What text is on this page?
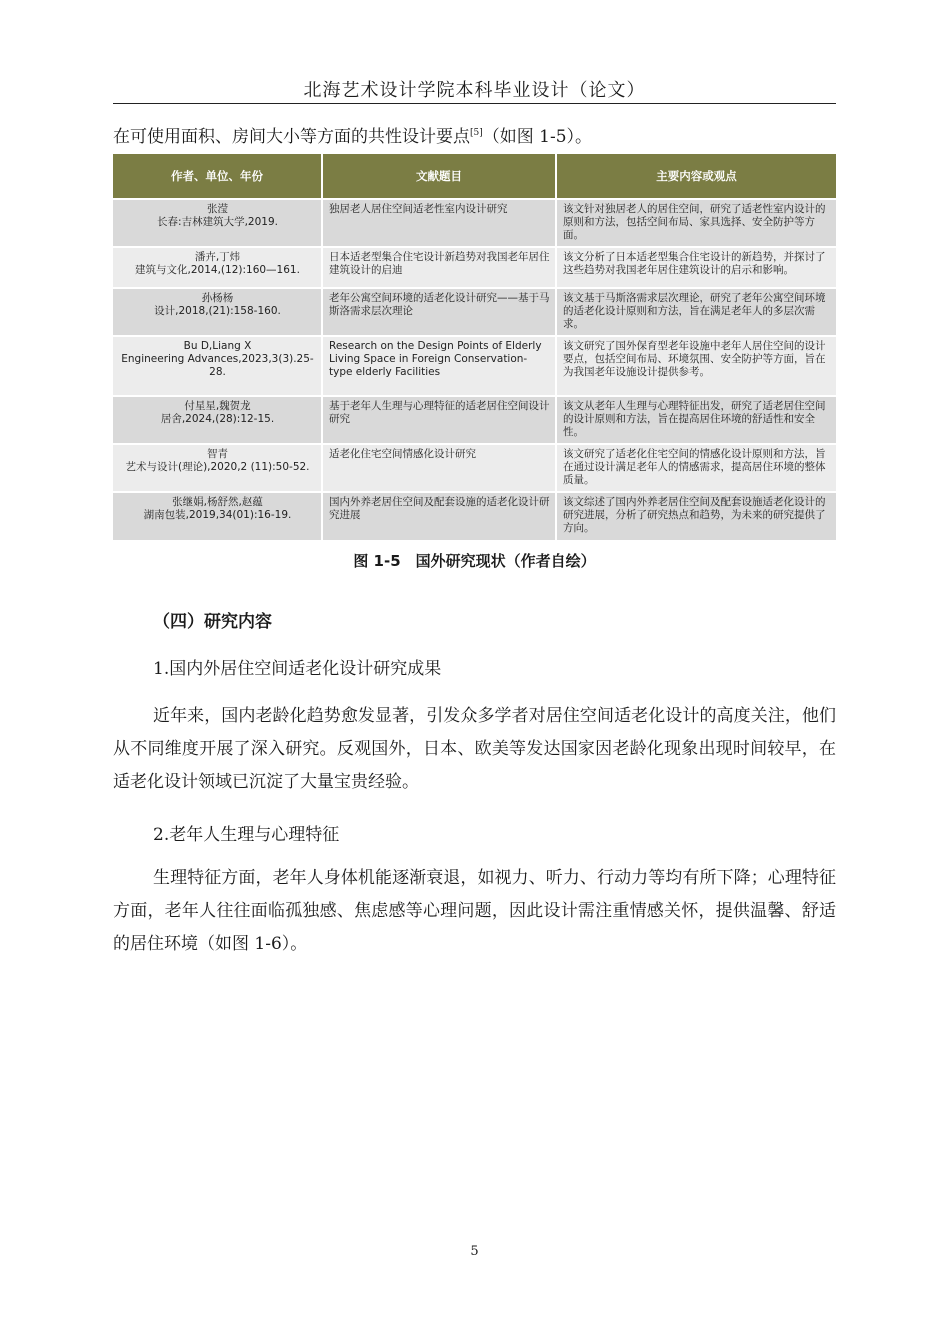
北海艺术设计学院本科毕业设计（论文）
在可使用面积、房间大小等方面的共性设计要点[5]（如图 1-5）。
作者、单位、年份	文献题目	主要内容或观点

张滢
长春:吉林建筑大学,2019.	独居老人居住空间适老性室内设计研究	该文针对独居老人的居住空间，研究了适老性室内设计的原则和方法，包括空间布局、家具选择、安全防护等方面。

潘卉,丁炜
建筑与文化,2014,(12):160—161.	日本适老型集合住宅设计新趋势对我国老年居住建筑设计的启迪	该文分析了日本适老型集合住宅设计的新趋势，并探讨了这些趋势对我国老年居住建筑设计的启示和影响。

孙杨杨
设计,2018,(21):158-160.	老年公寓空间环境的适老化设计研究——基于马斯洛需求层次理论	该文基于马斯洛需求层次理论，研究了老年公寓空间环境的适老化设计原则和方法，旨在满足老年人的多层次需求。

Bu D,Liang X
Engineering Advances,2023,3(3).25-28.	Research on the Design Points of Elderly Living Space in Foreign Conservation-type elderly Facilities	该文研究了国外保育型老年设施中老年人居住空间的设计要点，包括空间布局、环境氛围、安全防护等方面，旨在为我国老年设施设计提供参考。

付星星,魏贺龙
居舍,2024,(28):12-15.	基于老年人生理与心理特征的适老居住空间设计研究	该文从老年人生理与心理特征出发，研究了适老居住空间的设计原则和方法，旨在提高居住环境的舒适性和安全性。

智青
艺术与设计(理论),2020,2 (11):50-52.	适老化住宅空间情感化设计研究	该文研究了适老化住宅空间的情感化设计原则和方法，旨在通过设计满足老年人的情感需求，提高居住环境的整体质量。

张继娟,杨舒然,赵蕴
湖南包装,2019,34(01):16-19.	国内外养老居住空间及配套设施的适老化设计研究进展	该文综述了国内外养老居住空间及配套设施适老化设计的研究进展，分析了研究热点和趋势，为未来的研究提供了方向。
图 1-5　国外研究现状（作者自绘）
（四）研究内容
1.国内外居住空间适老化设计研究成果
近年来，国内老龄化趋势愈发显著，引发众多学者对居住空间适老化设计的高度关注，他们从不同维度开展了深入研究。反观国外，日本、欧美等发达国家因老龄化现象出现时间较早，在适老化设计领域已沉淀了大量宝贵经验。
2.老年人生理与心理特征
生理特征方面，老年人身体机能逐渐衰退，如视力、听力、行动力等均有所下降；心理特征方面，老年人往往面临孤独感、焦虑感等心理问题，因此设计需注重情感关怀，提供温馨、舒适的居住环境（如图 1-6）。
5
